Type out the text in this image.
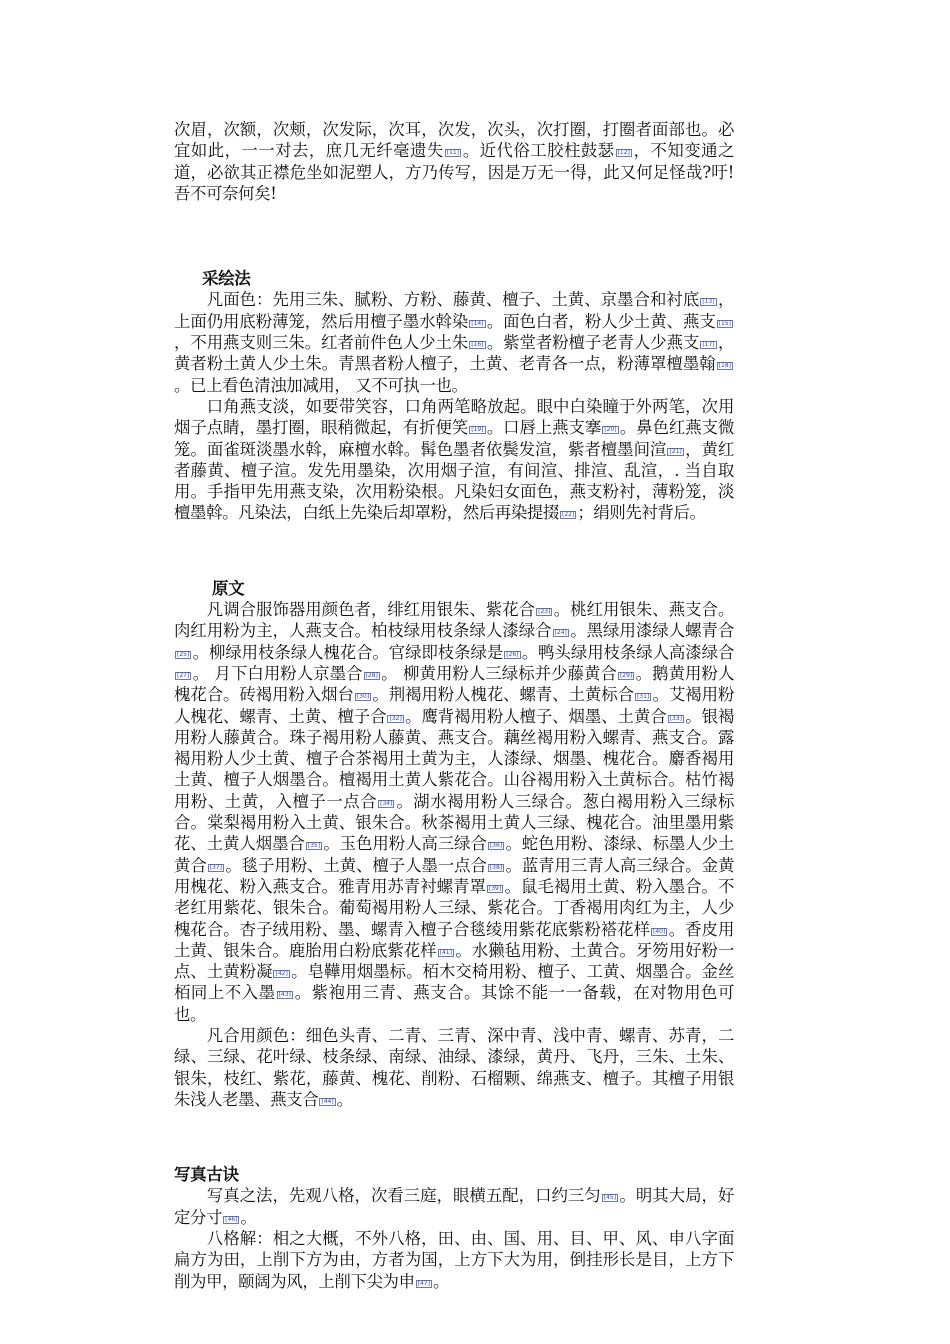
次眉，次额，次颊，次发际，次耳，次发，次头，次打圈，打圈者面部也。必宜如此，一一对去，庶几无纤毫遗失 [11] 。近代俗工胶柱鼓瑟 [12] ，不知变通之道，必欲其正襟危坐如泥塑人，方乃传写，因是万无一得，此又何足怪哉?吁!吾不可奈何矣!

采绘法

凡面色：先用三朱、腻粉、方粉、藤黄、檀子、土黄、京墨合和衬底 [13] ，上面仍用底粉薄笼，然后用檀子墨水斡染 [14] 。面色白者，粉人少土黄、燕支 [15]，不用燕支则三朱。红者前件色人少土朱 [16] 。紫堂者粉檀子老青人少燕支 [17] ，黄者粉土黄人少土朱。青黑者粉人檀子，土黄、老青各一点，粉薄罩檀墨翰 [18]。已上看色清浊加减用， 又不可执一也。

口角燕支淡，如要带笑容，口角两笔略放起。眼中白染瞳于外两笔，次用烟子点睛，墨打圈，眼稍微起，有折便笑 [19] 。口唇上燕支搴 [20] 。鼻色红燕支微笼。面雀斑淡墨水斡，麻檀水斡。髯色墨者依鬓发渲，紫者檀墨间渲 [21] ，黄红者藤黄、檀子渲。发先用墨染，次用烟子渲，有间渲、排渲、乱渲，. 当自取用。手指甲先用燕支染，次用粉染根。凡染妇女面色，燕支粉衬，薄粉笼，淡檀墨斡。凡染法，白纸上先染后却罩粉，然后再染提掇 [22] ；绢则先衬背后。

原文

凡调合服饰器用颜色者，绯红用银朱、紫花合 [23] 。桃红用银朱、燕支合。肉红用粉为主，人燕支合。柏枝绿用枝条绿人漆绿合 [24] 。黑绿用漆绿人螺青合[25] 。柳绿用枝条绿人槐花合。官绿即枝条绿是 [26] 。鸭头绿用枝条绿人高漆绿合[27] 。 月下白用粉人京墨合 [28] 。 柳黄用粉人三绿标并少藤黄合 [29] 。鹅黄用粉人槐花合。砖褐用粉入烟台 [30] 。荆褐用粉人槐花、螺青、土黄标合 [31] 。艾褐用粉人槐花、螺青、土黄、檀子合 [32] 。鹰背褐用粉人檀子、烟墨、土黄合 [33] 。银褐用粉人藤黄合。珠子褐用粉人藤黄、燕支合。藕丝褐用粉入螺青、燕支合。露褐用粉人少土黄、檀子合茶褐用土黄为主，人漆绿、烟墨、槐花合。麝香褐用土黄、檀子人烟墨合。檀褐用土黄人紫花合。山谷褐用粉入土黄标合。枯竹褐用粉、土黄，入檀子一点合 [34] 。湖水褐用粉人三绿合。葱白褐用粉入三绿标合。棠梨褐用粉入土黄、银朱合。秋茶褐用土黄人三绿、槐花合。油里墨用紫花、土黄人烟墨合 [35] 。玉色用粉人高三绿合 [36] 。蛇色用粉、漆绿、标墨人少土黄合 [37] 。毯子用粉、土黄、檀子人墨一点合 [38] 。蓝青用三青人高三绿合。金黄用槐花、粉入燕支合。雅青用苏青衬螺青罩 [39] 。鼠毛褐用土黄、粉入墨合。不老红用紫花、银朱合。葡萄褐用粉人三绿、紫花合。丁香褐用肉红为主，人少槐花合。杏子绒用粉、墨、螺青入檀子合毯绫用紫花底紫粉褡花样 [40] 。香皮用土黄、银朱合。鹿胎用白粉底紫花样 [41] 。水獭毡用粉、土黄合。牙笏用好粉一点、土黄粉凝 [42] 。皂鞾用烟墨标。栢木交椅用粉、檀子、工黄、烟墨合。金丝栢同上不入墨 [43] 。紫袍用三青、燕支合。其馀不能一一备载，在对物用色可也。

凡合用颜色：细色头青、二青、三青、深中青、浅中青、螺青、苏青，二绿、三绿、花叶绿、枝条绿、南绿、油绿、漆绿，黄丹、飞丹，三朱、土朱、银朱，枝红、紫花，藤黄、槐花、削粉、石榴颗、绵燕支、檀子。其檀子用银朱浅人老墨、燕支合 [44] 。

写真古诀

写真之法，先观八格，次看三庭，眼横五配，口约三匀 [45] 。明其大局，好定分寸 [46] 。

八格解：相之大概，不外八格，田、由、国、用、目、甲、风、申八字面扁方为田，上削下方为由，方者为国，上方下大为用，倒挂形长是目，上方下削为甲，颐阔为风，上削下尖为申 [47] 。
